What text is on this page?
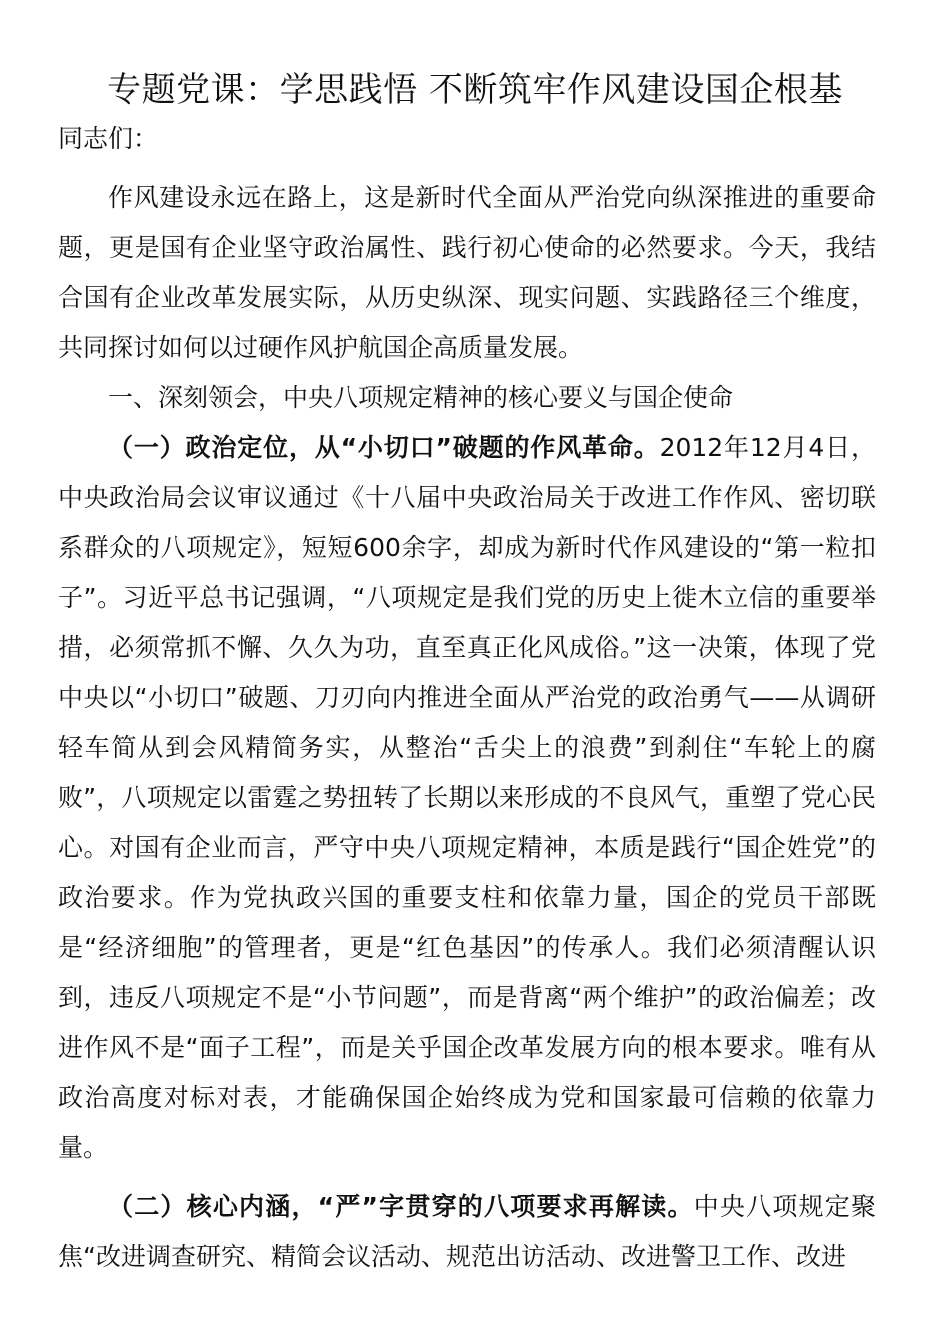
专题党课：学思践悟 不断筑牢作风建设国企根基

同志们：

作风建设永远在路上，这是新时代全面从严治党向纵深推进的重要命题，更是国有企业坚守政治属性、践行初心使命的必然要求。今天，我结合国有企业改革发展实际，从历史纵深、现实问题、实践路径三个维度，共同探讨如何以过硬作风护航国企高质量发展。

一、深刻领会，中央八项规定精神的核心要义与国企使命

（一）政治定位，从“小切口”破题的作风革命。2012年12月4日，中央政治局会议审议通过《十八届中央政治局关于改进工作作风、密切联系群众的八项规定》，短短600余字，却成为新时代作风建设的“第一粒扣子”。习近平总书记强调，“八项规定是我们党的历史上徙木立信的重要举措，必须常抓不懈、久久为功，直至真正化风成俗。”这一决策，体现了党中央以“小切口”破题、刀刃向内推进全面从严治党的政治勇气——从调研轻车简从到会风精简务实，从整治“舌尖上的浪费”到刹住“车轮上的腐败”，八项规定以雷霆之势扭转了长期以来形成的不良风气，重塑了党心民心。对国有企业而言，严守中央八项规定精神，本质是践行“国企姓党”的政治要求。作为党执政兴国的重要支柱和依靠力量，国企的党员干部既是“经济细胞”的管理者，更是“红色基因”的传承人。我们必须清醒认识到，违反八项规定不是“小节问题”，而是背离“两个维护”的政治偏差；改进作风不是“面子工程”，而是关乎国企改革发展方向的根本要求。唯有从政治高度对标对表，才能确保国企始终成为党和国家最可信赖的依靠力量。

（二）核心内涵，“严”字贯穿的八项要求再解读。中央八项规定聚焦“改进调查研究、精简会议活动、规范出访活动、改进警卫工作、改进
